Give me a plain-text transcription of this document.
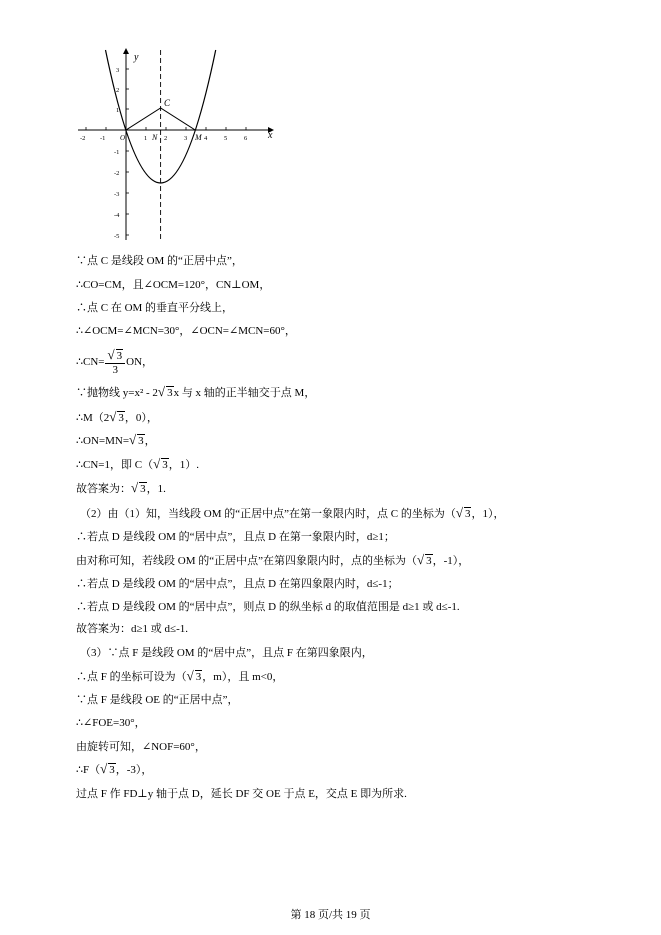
x
y
-2 -1 O	1	2	3	4	5	6
3
2
1
-1
-2
-3
-4
-5
C
N	M
∵点 C 是线段 OM 的“正居中点”，
∴CO=CM，且∠OCM=120°，CN⊥OM，
∴点 C 在 OM 的垂直平分线上，
∴∠OCM=∠MCN=30°，∠OCN=∠MCN=60°，
∴CN= $\frac{√ 3}{3}$ ON，
∵抛物线 y=x² - 2√ 3x 与 x 轴的正半轴交于点 M，
∴M（2√ 3，0），
∴ON=MN=√ 3，
∴CN=1，即 C（√ 3，1）.
故答案为：√ 3，1.
（2）由（1）知，当线段 OM 的“正居中点”在第一象限内时，点 C 的坐标为（√ 3，1），
∴若点 D 是线段 OM 的“居中点”，且点 D 在第一象限内时，d≥1；
由对称可知，若线段 OM 的“正居中点”在第四象限内时，点的坐标为（√ 3，-1），
∴若点 D 是线段 OM 的“居中点”，且点 D 在第四象限内时，d≤-1；
∴若点 D 是线段 OM 的“居中点”，则点 D 的纵坐标 d 的取值范围是 d≥1 或 d≤-1.
故答案为：d≥1 或 d≤-1.
（3）∵点 F 是线段 OM 的“居中点”，且点 F 在第四象限内，
∴点 F 的坐标可设为（√ 3，m），且 m<0，
∵点 F 是线段 OE 的“正居中点”，
∴∠FOE=30°，
由旋转可知，∠NOF=60°，
∴F（√ 3，-3），
过点 F 作 FD⊥y 轴于点 D，延长 DF 交 OE 于点 E，交点 E 即为所求.
第 18 页/共 19 页
